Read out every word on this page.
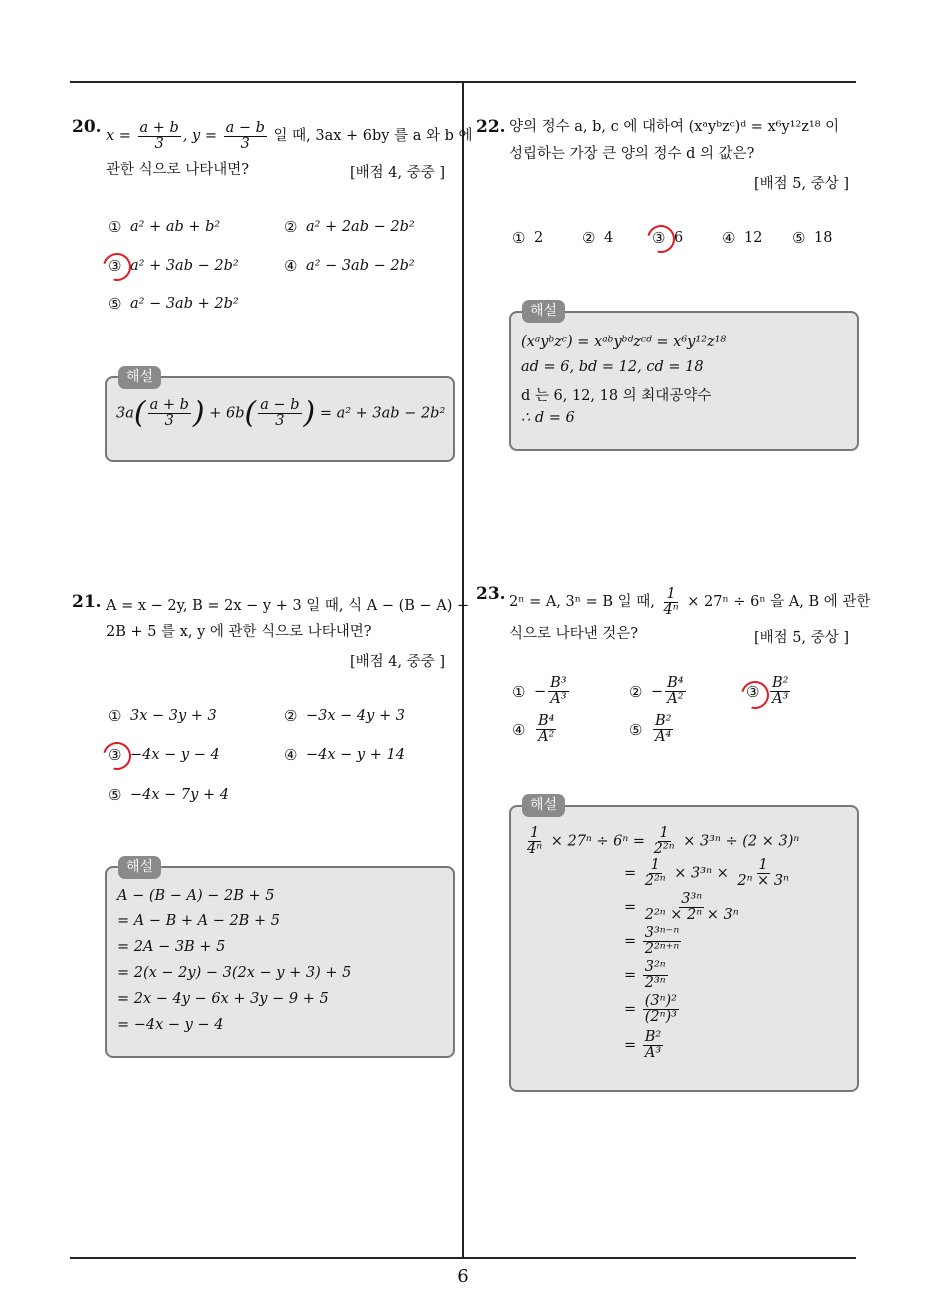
20. $x = \frac{a + b}{3}$ , $y = \frac{a - b}{3}$ 일 때, 3ax + 6by 를 a 와 b 에
관한 식으로 나타내면?	[배점 4, 중중 ]
① a² + ab + b²	② a² + 2ab − 2b²
③ a² + 3ab − 2b²	④ a² − 3ab − 2b²
⑤ a² − 3ab + 2b²
해설
$3a( \frac{a + b}{3}$ ) + $6b( \frac{a - b}{3}$ ) = a² + 3ab − 2b²
21. A = x − 2y, B = 2x − y + 3 일 때, 식 A − (B − A) −
2B + 5 를 x, y 에 관한 식으로 나타내면?
[배점 4, 중중 ]
① 3x − 3y + 3	② −3x − 4y + 3
③ −4x − y − 4	④ −4x − y + 14
⑤ −4x − 7y + 4
해설
A − (B − A) − 2B + 5
= A − B + A − 2B + 5
= 2A − 3B + 5
= 2(x − 2y) − 3(2x − y + 3) + 5
= 2x − 4y − 6x + 3y − 9 + 5
= −4x − y − 4
22. 양의 정수 a, b, c 에 대하여 (xᵃyᵇzᶜ)ᵈ = x⁶y¹²z¹⁸ 이
성립하는 가장 큰 양의 정수 d 의 값은?
[배점 5, 중상 ]
① 2	② 4	③ 6	④ 12 ⑤ 18
해설
(xᵃyᵇzᶜ) = xᵃᵇyᵇᵈzᶜᵈ = x⁶y¹²z¹⁸
ad = 6, bd = 12, cd = 18
d 는 6, 12, 18 의 최대공약수
∴ d = 6
23. 2ⁿ = A, 3ⁿ = B 일 때, $\frac{1}{\text{4ⁿ}} \times 27^n \div 6^n$ 을 A, B 에 관한
식으로 나타낸 것은?	[배점 5, 중상 ]
① − $\frac{\text{B³}}{\text{A³}}$	② − $\frac{\text{B⁴}}{\text{A²}}$	③ $\frac{\text{B²}}{\text{A³}}$
④ $\frac{\text{B⁴}}{\text{A²}}$	⑤ $\frac{\text{B²}}{\text{A⁴}}$
해설
$\frac{1}{\text{4ⁿ}} \times 27^n \div 6^n = \frac{1}{\text{2²ⁿ}} \times 3^{3n} \div (2 \times 3)^n$
= $\frac{1}{\text{2²ⁿ}} \times 3^{3n} \times \frac{1}{\text{2ⁿ × 3ⁿ}}$
= $\frac{\text{3³ⁿ}}{\text{2²ⁿ × 2ⁿ × 3ⁿ}}$
= $\frac{\text{3³ⁿ⁻ⁿ}}{\text{2²ⁿ⁺ⁿ}}$
= $\frac{\text{3²ⁿ}}{\text{2³ⁿ}}$
= $\frac{\text{(3ⁿ)²}}{\text{(2ⁿ)³}}$
= $\frac{\text{B²}}{\text{A³}}$
6
